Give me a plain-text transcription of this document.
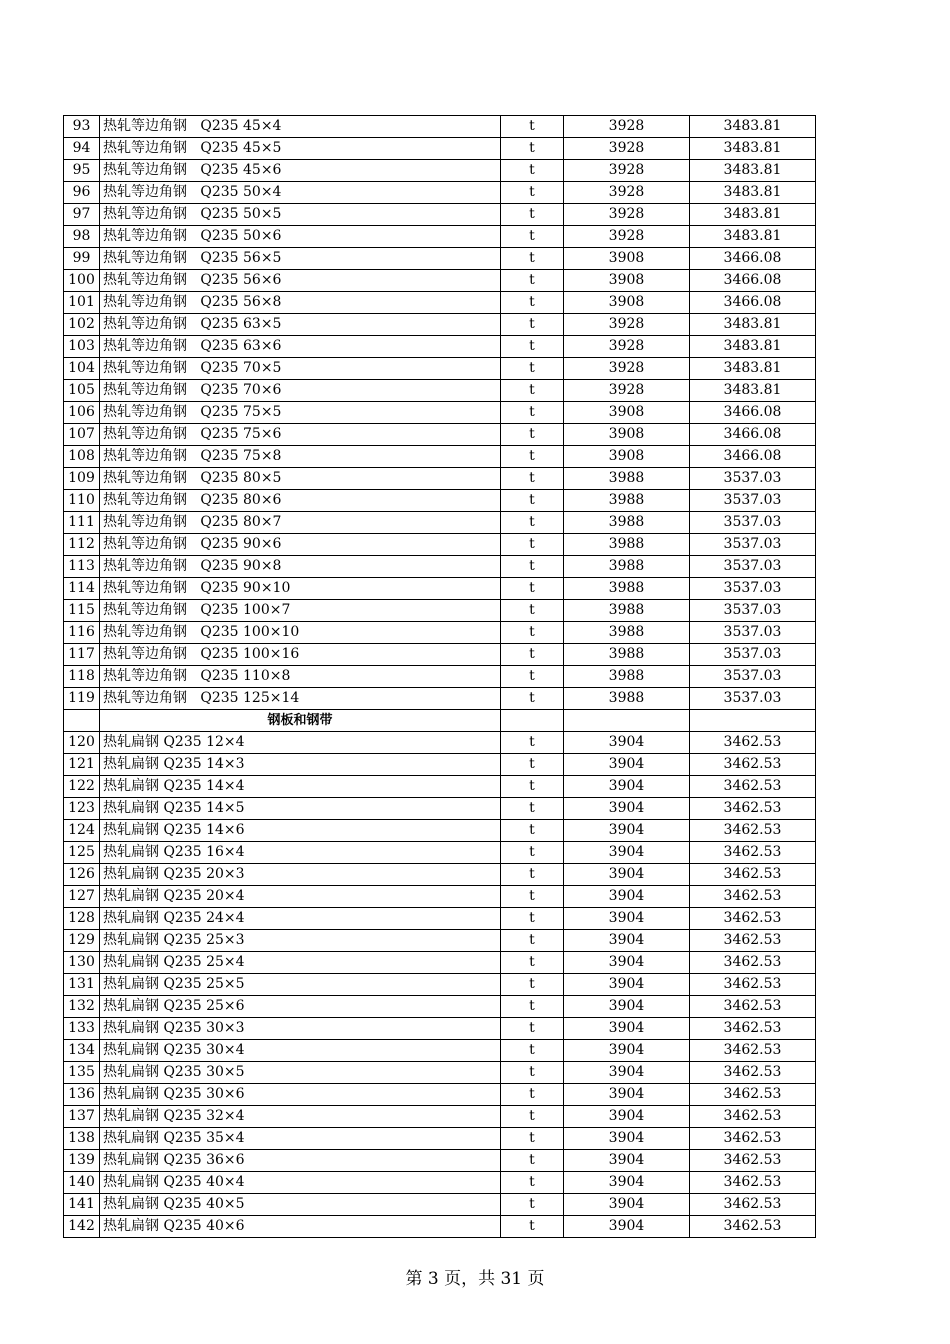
93	热轧等边角钢   Q235 45×4	t	3928	3483.81
94	热轧等边角钢   Q235 45×5	t	3928	3483.81
95	热轧等边角钢   Q235 45×6	t	3928	3483.81
96	热轧等边角钢   Q235 50×4	t	3928	3483.81
97	热轧等边角钢   Q235 50×5	t	3928	3483.81
98	热轧等边角钢   Q235 50×6	t	3928	3483.81
99	热轧等边角钢   Q235 56×5	t	3908	3466.08
100	热轧等边角钢   Q235 56×6	t	3908	3466.08
101	热轧等边角钢   Q235 56×8	t	3908	3466.08
102	热轧等边角钢   Q235 63×5	t	3928	3483.81
103	热轧等边角钢   Q235 63×6	t	3928	3483.81
104	热轧等边角钢   Q235 70×5	t	3928	3483.81
105	热轧等边角钢   Q235 70×6	t	3928	3483.81
106	热轧等边角钢   Q235 75×5	t	3908	3466.08
107	热轧等边角钢   Q235 75×6	t	3908	3466.08
108	热轧等边角钢   Q235 75×8	t	3908	3466.08
109	热轧等边角钢   Q235 80×5	t	3988	3537.03
110	热轧等边角钢   Q235 80×6	t	3988	3537.03
111	热轧等边角钢   Q235 80×7	t	3988	3537.03
112	热轧等边角钢   Q235 90×6	t	3988	3537.03
113	热轧等边角钢   Q235 90×8	t	3988	3537.03
114	热轧等边角钢   Q235 90×10	t	3988	3537.03
115	热轧等边角钢   Q235 100×7	t	3988	3537.03
116	热轧等边角钢   Q235 100×10	t	3988	3537.03
117	热轧等边角钢   Q235 100×16	t	3988	3537.03
118	热轧等边角钢   Q235 110×8	t	3988	3537.03
119	热轧等边角钢   Q235 125×14	t	3988	3537.03
	钢板和钢带			
120	热轧扁钢 Q235 12×4	t	3904	3462.53
121	热轧扁钢 Q235 14×3	t	3904	3462.53
122	热轧扁钢 Q235 14×4	t	3904	3462.53
123	热轧扁钢 Q235 14×5	t	3904	3462.53
124	热轧扁钢 Q235 14×6	t	3904	3462.53
125	热轧扁钢 Q235 16×4	t	3904	3462.53
126	热轧扁钢 Q235 20×3	t	3904	3462.53
127	热轧扁钢 Q235 20×4	t	3904	3462.53
128	热轧扁钢 Q235 24×4	t	3904	3462.53
129	热轧扁钢 Q235 25×3	t	3904	3462.53
130	热轧扁钢 Q235 25×4	t	3904	3462.53
131	热轧扁钢 Q235 25×5	t	3904	3462.53
132	热轧扁钢 Q235 25×6	t	3904	3462.53
133	热轧扁钢 Q235 30×3	t	3904	3462.53
134	热轧扁钢 Q235 30×4	t	3904	3462.53
135	热轧扁钢 Q235 30×5	t	3904	3462.53
136	热轧扁钢 Q235 30×6	t	3904	3462.53
137	热轧扁钢 Q235 32×4	t	3904	3462.53
138	热轧扁钢 Q235 35×4	t	3904	3462.53
139	热轧扁钢 Q235 36×6	t	3904	3462.53
140	热轧扁钢 Q235 40×4	t	3904	3462.53
141	热轧扁钢 Q235 40×5	t	3904	3462.53
142	热轧扁钢 Q235 40×6	t	3904	3462.53
第 3 页，共 31 页
